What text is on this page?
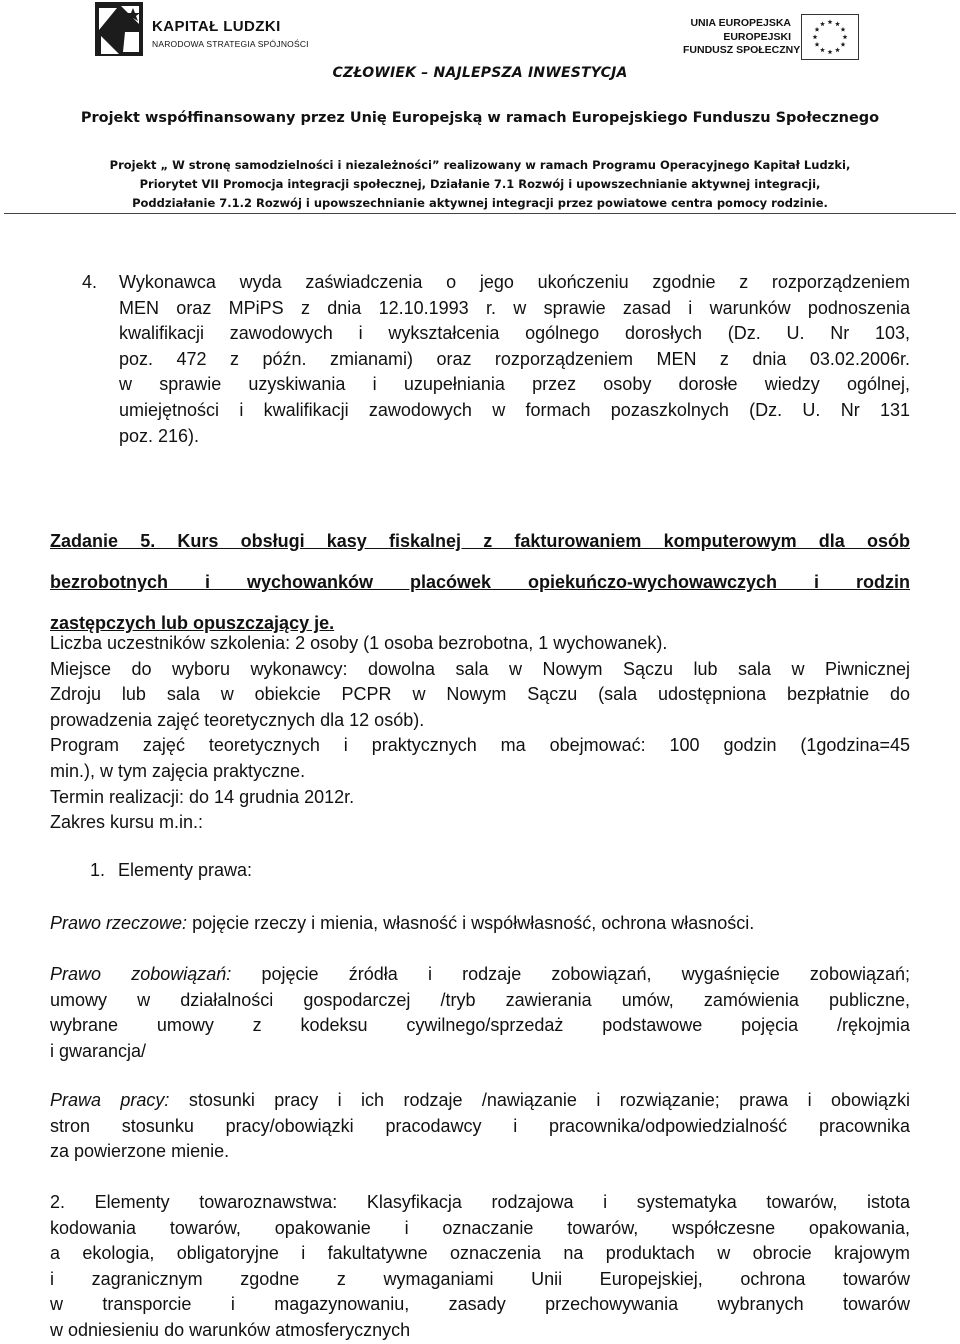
KAPITAŁ LUDZKI
NARODOWA STRATEGIA SPÓJNOŚCI
UNIA EUROPEJSKA
EUROPEJSKI
FUNDUSZ SPOŁECZNY
CZŁOWIEK – NAJLEPSZA INWESTYCJA
Projekt współfinansowany przez Unię Europejską w ramach Europejskiego Funduszu Społecznego
Projekt „ W stronę samodzielności i niezależności” realizowany w ramach Programu Operacyjnego Kapitał Ludzki,
Priorytet VII Promocja integracji społecznej, Działanie 7.1 Rozwój i upowszechnianie aktywnej integracji,
Poddziałanie 7.1.2 Rozwój i upowszechnianie aktywnej integracji przez powiatowe centra pomocy rodzinie.
4. Wykonawca wyda zaświadczenia o jego ukończeniu zgodnie z rozporządzeniem
MEN oraz MPiPS z dnia 12.10.1993 r. w sprawie zasad i warunków podnoszenia
kwalifikacji zawodowych i wykształcenia ogólnego dorosłych (Dz. U. Nr 103,
poz. 472 z późn. zmianami) oraz rozporządzeniem MEN z dnia 03.02.2006r.
w sprawie uzyskiwania i uzupełniania przez osoby dorosłe wiedzy ogólnej,
umiejętności i kwalifikacji zawodowych w formach pozaszkolnych (Dz. U. Nr 131
poz. 216).
Zadanie 5. Kurs obsługi kasy fiskalnej z fakturowaniem komputerowym dla osób
bezrobotnych i wychowanków placówek opiekuńczo-wychowawczych i rodzin
zastępczych lub opuszczający je.
Liczba uczestników szkolenia: 2 osoby (1 osoba bezrobotna, 1 wychowanek).
Miejsce do wyboru wykonawcy: dowolna sala w Nowym Sączu lub sala w Piwnicznej
Zdroju lub sala w obiekcie PCPR w Nowym Sączu (sala udostępniona bezpłatnie do
prowadzenia zajęć teoretycznych dla 12 osób).
Program zajęć teoretycznych i praktycznych ma obejmować: 100 godzin (1godzina=45
min.), w tym zajęcia praktyczne.
Termin realizacji: do 14 grudnia 2012r.
Zakres kursu m.in.:
1. Elementy prawa:
Prawo rzeczowe: pojęcie rzeczy i mienia, własność i współwłasność, ochrona własności.
Prawo zobowiązań: pojęcie źródła i rodzaje zobowiązań, wygaśnięcie zobowiązań;
umowy w działalności gospodarczej /tryb zawierania umów, zamówienia publiczne,
wybrane umowy z kodeksu cywilnego/sprzedaż podstawowe pojęcia /rękojmia
i gwarancja/
Prawa pracy: stosunki pracy i ich rodzaje /nawiązanie i rozwiązanie; prawa i obowiązki
stron stosunku pracy/obowiązki pracodawcy i pracownika/odpowiedzialność pracownika
za powierzone mienie.
2. Elementy towaroznawstwa: Klasyfikacja rodzajowa i systematyka towarów, istota
kodowania towarów, opakowanie i oznaczanie towarów, współczesne opakowania,
a ekologia, obligatoryjne i fakultatywne oznaczenia na produktach w obrocie krajowym
i zagranicznym zgodne z wymaganiami Unii Europejskiej, ochrona towarów
w transporcie i magazynowaniu, zasady przechowywania wybranych towarów
w odniesieniu do warunków atmosferycznych
